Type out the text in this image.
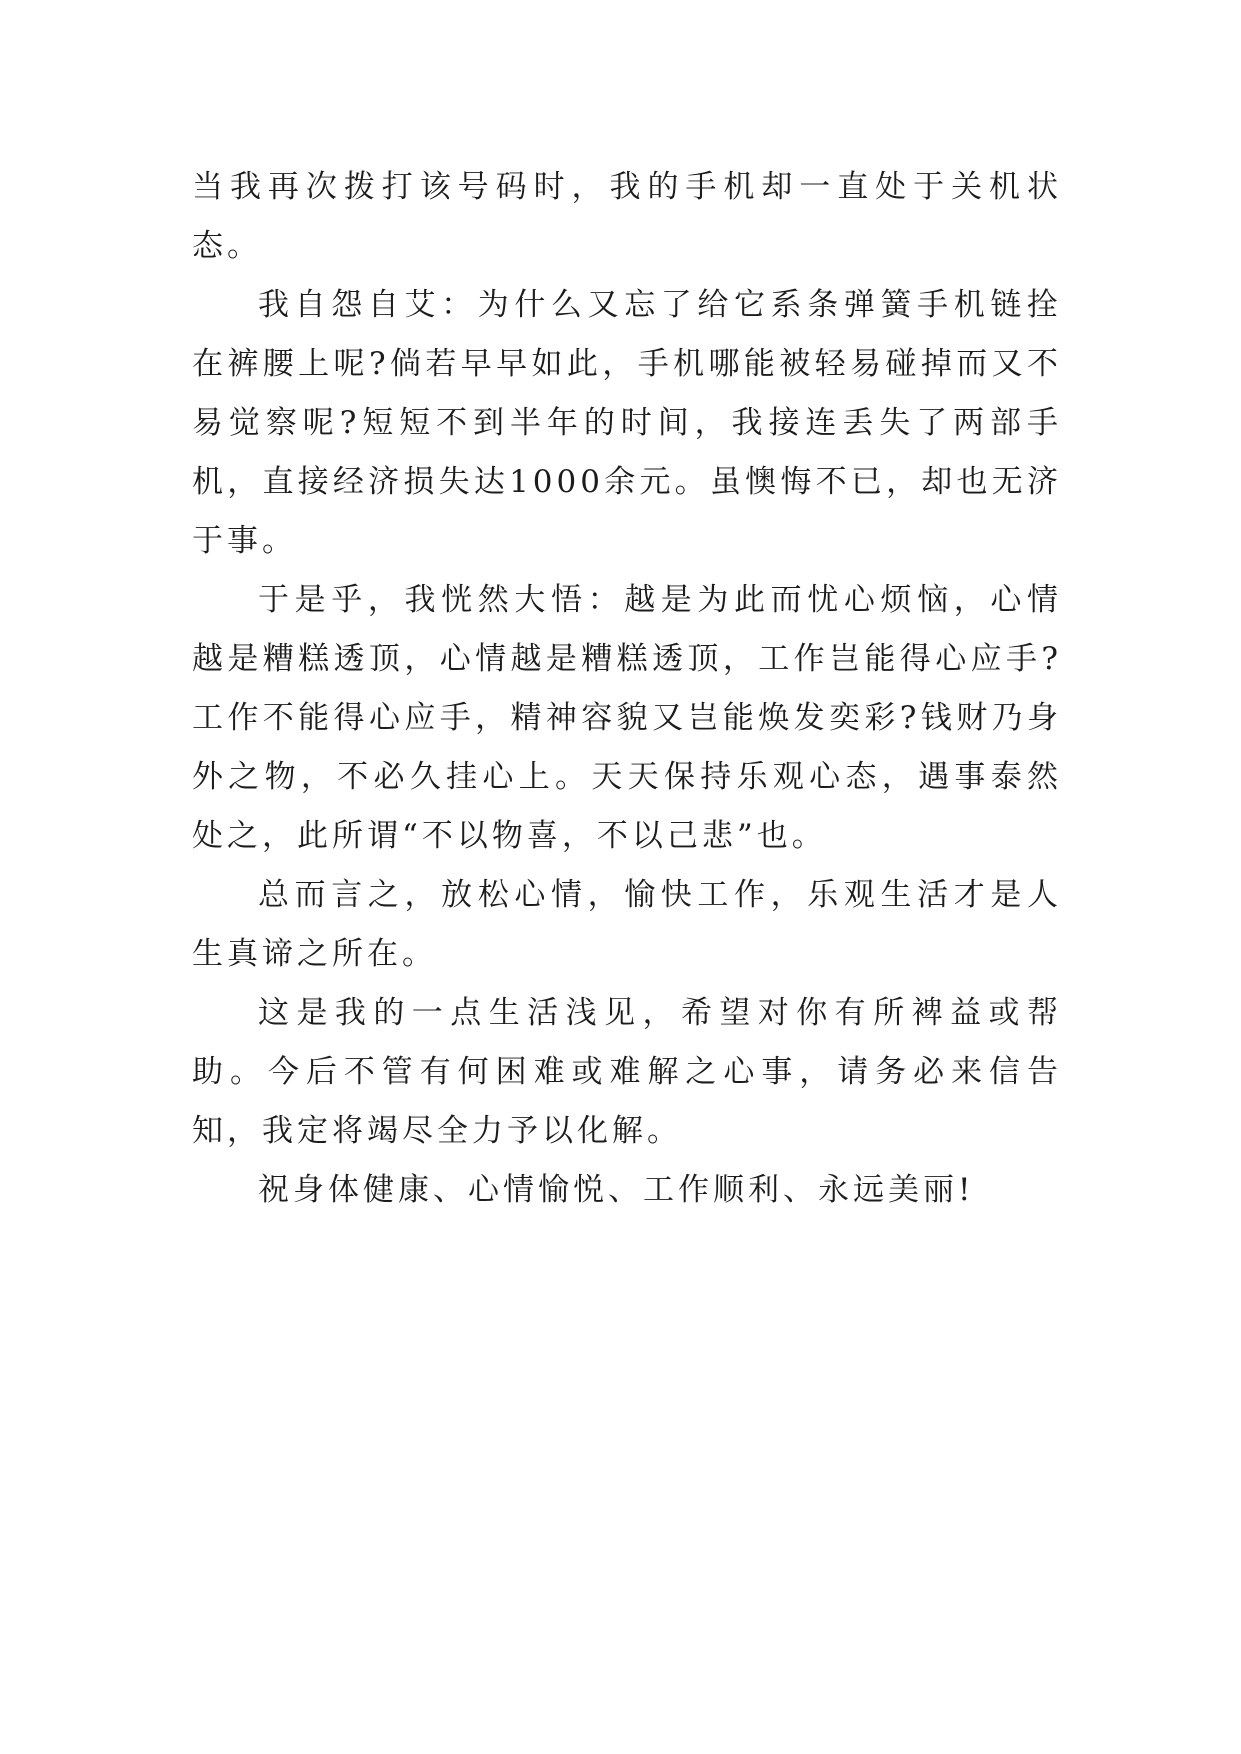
当我再次拨打该号码时，我的手机却一直处于关机状态。

我自怨自艾：为什么又忘了给它系条弹簧手机链拴在裤腰上呢?倘若早早如此，手机哪能被轻易碰掉而又不易觉察呢?短短不到半年的时间，我接连丢失了两部手机，直接经济损失达1000余元。虽懊悔不已，却也无济于事。

于是乎，我恍然大悟：越是为此而忧心烦恼，心情越是糟糕透顶，心情越是糟糕透顶，工作岂能得心应手?工作不能得心应手，精神容貌又岂能焕发奕彩?钱财乃身外之物，不必久挂心上。天天保持乐观心态，遇事泰然处之，此所谓“不以物喜，不以己悲”也。

总而言之，放松心情，愉快工作，乐观生活才是人生真谛之所在。

这是我的一点生活浅见，希望对你有所裨益或帮助。今后不管有何困难或难解之心事，请务必来信告知，我定将竭尽全力予以化解。

祝身体健康、心情愉悦、工作顺利、永远美丽!
